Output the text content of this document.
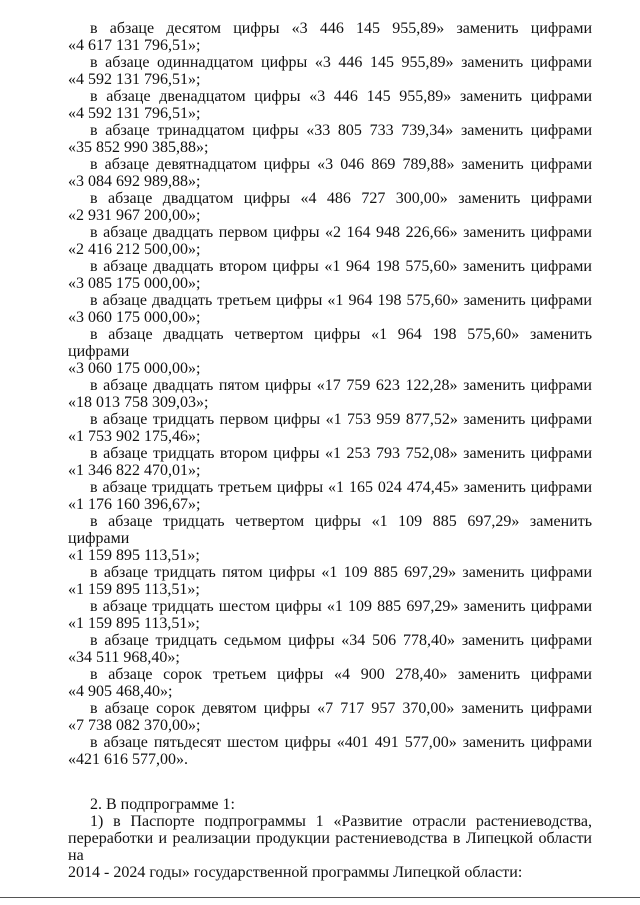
в абзаце десятом цифры «3 446 145 955,89» заменить цифрами
«4 617 131 796,51»;

в абзаце одиннадцатом цифры «3 446 145 955,89» заменить цифрами
«4 592 131 796,51»;

в абзаце двенадцатом цифры «3 446 145 955,89» заменить цифрами
«4 592 131 796,51»;

в абзаце тринадцатом цифры «33 805 733 739,34» заменить цифрами
«35 852 990 385,88»;

в абзаце девятнадцатом цифры «3 046 869 789,88» заменить цифрами
«3 084 692 989,88»;

в абзаце двадцатом цифры «4 486 727 300,00» заменить цифрами
«2 931 967 200,00»;

в абзаце двадцать первом цифры «2 164 948 226,66» заменить цифрами
«2 416 212 500,00»;

в абзаце двадцать втором цифры «1 964 198 575,60» заменить цифрами
«3 085 175 000,00»;

в абзаце двадцать третьем цифры «1 964 198 575,60» заменить цифрами
«3 060 175 000,00»;

в абзаце двадцать четвертом цифры «1 964 198 575,60» заменить цифрами
«3 060 175 000,00»;

в абзаце двадцать пятом цифры «17 759 623 122,28» заменить цифрами
«18 013 758 309,03»;

в абзаце тридцать первом цифры «1 753 959 877,52» заменить цифрами
«1 753 902 175,46»;

в абзаце тридцать втором цифры «1 253 793 752,08» заменить цифрами
«1 346 822 470,01»;

в абзаце тридцать третьем цифры «1 165 024 474,45» заменить цифрами
«1 176 160 396,67»;

в абзаце тридцать четвертом цифры «1 109 885 697,29» заменить цифрами
«1 159 895 113,51»;

в абзаце тридцать пятом цифры «1 109 885 697,29» заменить цифрами
«1 159 895 113,51»;

в абзаце тридцать шестом цифры «1 109 885 697,29» заменить цифрами
«1 159 895 113,51»;

в абзаце тридцать седьмом цифры «34 506 778,40» заменить цифрами
«34 511 968,40»;

в абзаце сорок третьем цифры «4 900 278,40» заменить цифрами
«4 905 468,40»;

в абзаце сорок девятом цифры «7 717 957 370,00» заменить цифрами
«7 738 082 370,00»;

в абзаце пятьдесят шестом цифры «401 491 577,00» заменить цифрами
«421 616 577,00».

2. В подпрограмме 1:

1) в Паспорте подпрограммы 1 «Развитие отрасли растениеводства,
переработки и реализации продукции растениеводства в Липецкой области на
2014 - 2024 годы» государственной программы Липецкой области:
